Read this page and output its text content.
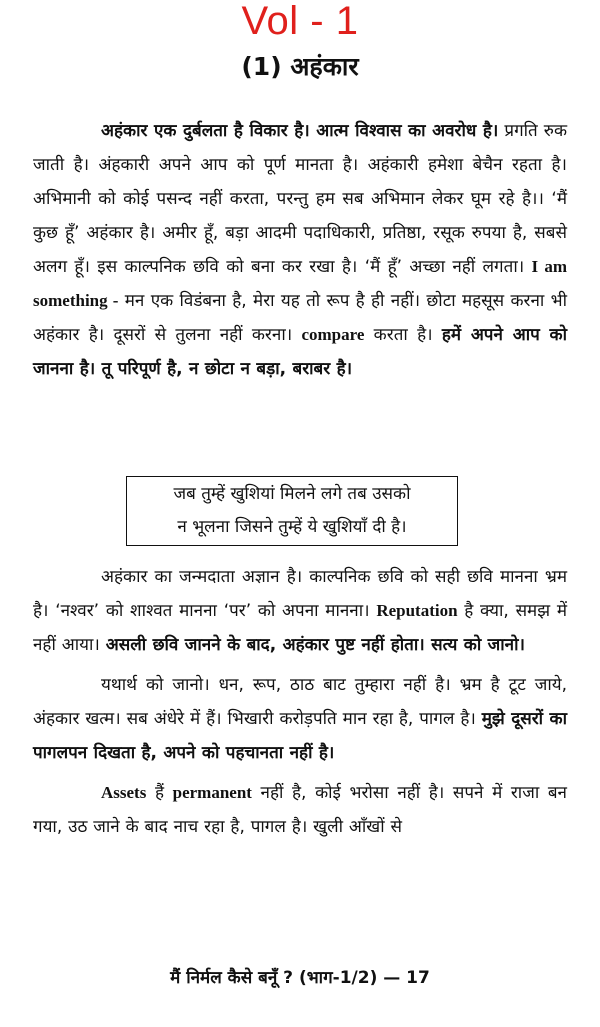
Vol - 1
(1) अहंकार

अहंकार एक दुर्बलता है विकार है। आत्म विश्वास का अवरोध है। प्रगति रुक जाती है। अंहकारी अपने आप को पूर्ण मानता है। अहंकारी हमेशा बेचैन रहता है। अभिमानी को कोई पसन्द नहीं करता, परन्तु हम सब अभिमान लेकर घूम रहे है।। ‘मैं कुछ हूँ’ अहंकार है। अमीर हूँ, बड़ा आदमी पदाधिकारी, प्रतिष्ठा, रसूक रुपया है, सबसे अलग हूँ। इस काल्पनिक छवि को बना कर रखा है। ‘मैं हूँ’ अच्छा नहीं लगता। I am something - मन एक विडंबना है, मेरा यह तो रूप है ही नहीं। छोटा महसूस करना भी अहंकार है। दूसरों से तुलना नहीं करना। compare करता है। हमें अपने आप को जानना है। तू परिपूर्ण है, न छोटा न बड़ा, बराबर है।

जब तुम्हें खुशियां मिलने लगे तब उसको
न भूलना जिसने तुम्हें ये खुशियाँ दी है।

अहंकार का जन्मदाता अज्ञान है। काल्पनिक छवि को सही छवि मानना भ्रम है। ‘नश्वर’ को शाश्वत मानना ‘पर’ को अपना मानना। Reputation है क्या, समझ में नहीं आया। असली छवि जानने के बाद, अहंकार पुष्ट नहीं होता। सत्य को जानो।

यथार्थ को जानो। धन, रूप, ठाठ बाट तुम्हारा नहीं है। भ्रम है टूट जाये, अंहकार खत्म। सब अंधेरे में हैं। भिखारी करोड़पति मान रहा है, पागल है। मुझे दूसरों का पागलपन दिखता है, अपने को पहचानता नहीं है।

Assets हैं permanent नहीं है, कोई भरोसा नहीं है। सपने में राजा बन गया, उठ जाने के बाद नाच रहा है, पागल है। खुली आँखों से

मैं निर्मल कैसे बनूँ ? (भाग-1/2) — 17
